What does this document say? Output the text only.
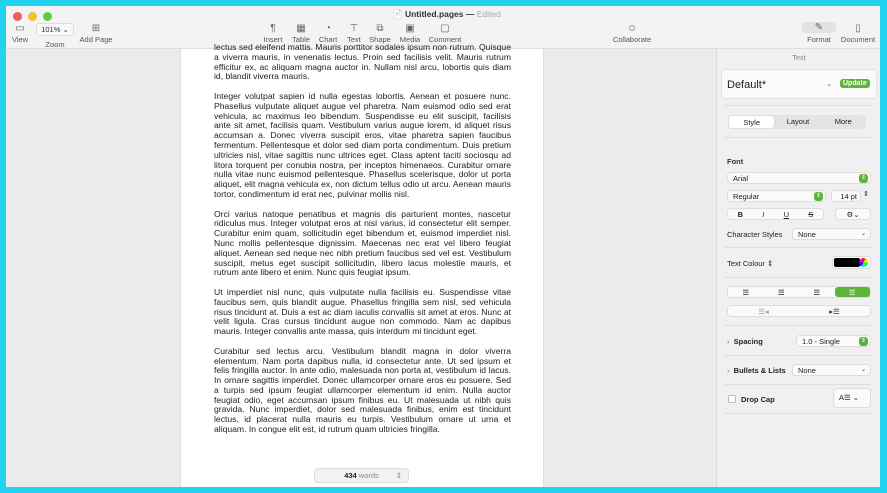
📄 Untitled.pages — Edited
▭
View
101% ⌄
Zoom
⊞
Add Page
¶
Insert
▦
Table
◔
Chart
⊤
Text
⧉
Shape
▣
Media
▢
Comment
☺
Collaborate
✎
Format
▯
Document

lectus sed eleifend mattis. Mauris porttitor sodales ipsum non rutrum. Quisque a viverra mauris, in venenatis lectus. Proin sed facilisis velit. Mauris rutrum efficitur ex, ac aliquam magna auctor in. Nullam nisl arcu, lobortis quis diam id, blandit viverra mauris.

Integer volutpat sapien id nulla egestas lobortis. Aenean et posuere nunc. Phasellus vulputate aliquet augue vel pharetra. Nam euismod odio sed erat vehicula, ac maximus leo bibendum. Suspendisse eu elit suscipit, facilisis ante sit amet, facilisis quam. Vestibulum varius augue lorem, id aliquet risus accumsan a. Donec viverra suscipit eros, vitae pharetra sapien faucibus fermentum. Pellentesque et dolor sed diam porta condimentum. Duis pretium ultricies nisl, vitae sagittis nunc ultrices eget. Class aptent taciti sociosqu ad litora torquent per conubia nostra, per inceptos himenaeos. Curabitur ornare nulla vitae nunc euismod pellentesque. Phasellus scelerisque, dolor ut porta aliquet, elit magna vehicula ex, non dictum tellus odio ut arcu. Aenean mauris tortor, condimentum id erat nec, pulvinar mollis nisl.

Orci varius natoque penatibus et magnis dis parturient montes, nascetur ridiculus mus. Integer volutpat eros at nisl varius, id consectetur elit semper. Curabitur enim quam, sollicitudin eget bibendum et, euismod imperdiet nisl. Nunc mollis pellentesque dignissim. Maecenas nec erat vel libero feugiat aliquet. Aenean sed neque nec nibh pretium faucibus sed vel est. Vestibulum suscipit, metus eget suscipit sollicitudin, libero lacus molestie mauris, et rutrum ante libero et enim. Nunc quis feugiat ipsum.

Ut imperdiet nisl nunc, quis vulputate nulla facilisis eu. Suspendisse vitae faucibus sem, quis blandit augue. Phasellus fringilla sem nisl, sed vehicula risus tincidunt at. Duis a est ac diam iaculis convallis sit amet at eros. Nunc at velit ligula. Cras cursus tincidunt augue non commodo. Nam ac dapibus mauris. Integer convallis ante massa, quis interdum mi tincidunt eget.

Curabitur sed lectus arcu. Vestibulum blandit magna in dolor viverra elementum. Nam porta dapibus nulla, id consectetur ante. Ut sed ipsum et felis fringilla auctor. In ante odio, malesuada non porta at, vestibulum id lacus. In ornare sagittis imperdiet. Donec ullamcorper ornare eros eu posuere. Sed a turpis sed ipsum feugiat ullamcorper elementum id enim. Nulla auctor feugiat odio, eget accumsan ipsum finibus eu. Ut malesuada ut nibh quis gravida. Nunc imperdiet, dolor sed malesuada finibus, enim est tincidunt lectus, id placerat nulla mauris eu turpis. Vestibulum ornare ut urna et aliquam. In congue elit est, id rutrum quam ultricies fringilla.

434 words ⇕
Text
Default*	⌄	Update
Style	Layout	More
Font
Arial	⇕
Regular	⇕	14 pt ⇕
B	I	U	S	⚙⌄
Character Styles	None	⌄
Text Colour ⇕
☰	☰	☰	☰
☰◂	▸☰
› Spacing	1.0 - Single	⇕
› Bullets & Lists	None	⌄
Drop Cap	A☰ ⌄
